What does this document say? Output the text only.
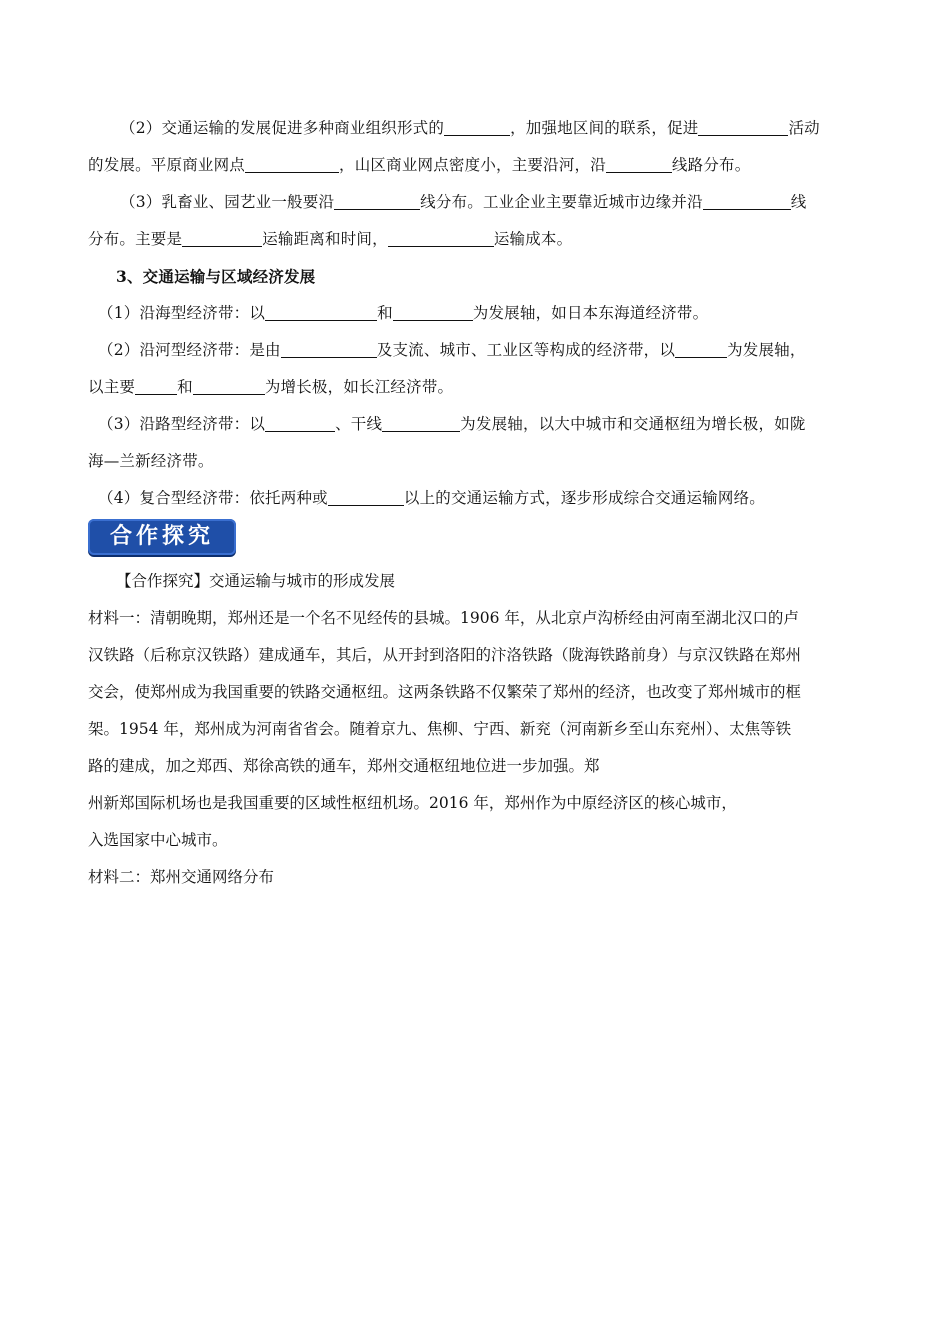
（2）交通运输的发展促进多种商业组织形式的	，加强地区间的联系，促进	活动
的发展。平原商业网点	，山区商业网点密度小，主要沿河，沿	线路分布。
（3）乳畜业、园艺业一般要沿	线分布。工业企业主要靠近城市边缘并沿	线
分布。主要是	运输距离和时间，	运输成本。
3、交通运输与区域经济发展
（1）沿海型经济带：以	和	为发展轴，如日本东海道经济带。
（2）沿河型经济带：是由	及支流、城市、工业区等构成的经济带，以	为发展轴，
以主要	和	为增长极，如长江经济带。
（3）沿路型经济带：以	、干线	为发展轴，以大中城市和交通枢纽为增长极，如陇
海—兰新经济带。
（4）复合型经济带：依托两种或	以上的交通运输方式，逐步形成综合交通运输网络。
合作探究
【合作探究】交通运输与城市的形成发展
材料一：清朝晚期，郑州还是一个名不见经传的县城。1906 年，从北京卢沟桥经由河南至湖北汉口的卢
汉铁路（后称京汉铁路）建成通车，其后，从开封到洛阳的汴洛铁路（陇海铁路前身）与京汉铁路在郑州
交会，使郑州成为我国重要的铁路交通枢纽。这两条铁路不仅繁荣了郑州的经济，也改变了郑州城市的框
架。1954 年，郑州成为河南省省会。随着京九、焦柳、宁西、新兖（河南新乡至山东兖州）、太焦等铁
路的建成，加之郑西、郑徐高铁的通车，郑州交通枢纽地位进一步加强。郑
州新郑国际机场也是我国重要的区域性枢纽机场。2016 年，郑州作为中原经济区的核心城市，
入选国家中心城市。
材料二：郑州交通网络分布
